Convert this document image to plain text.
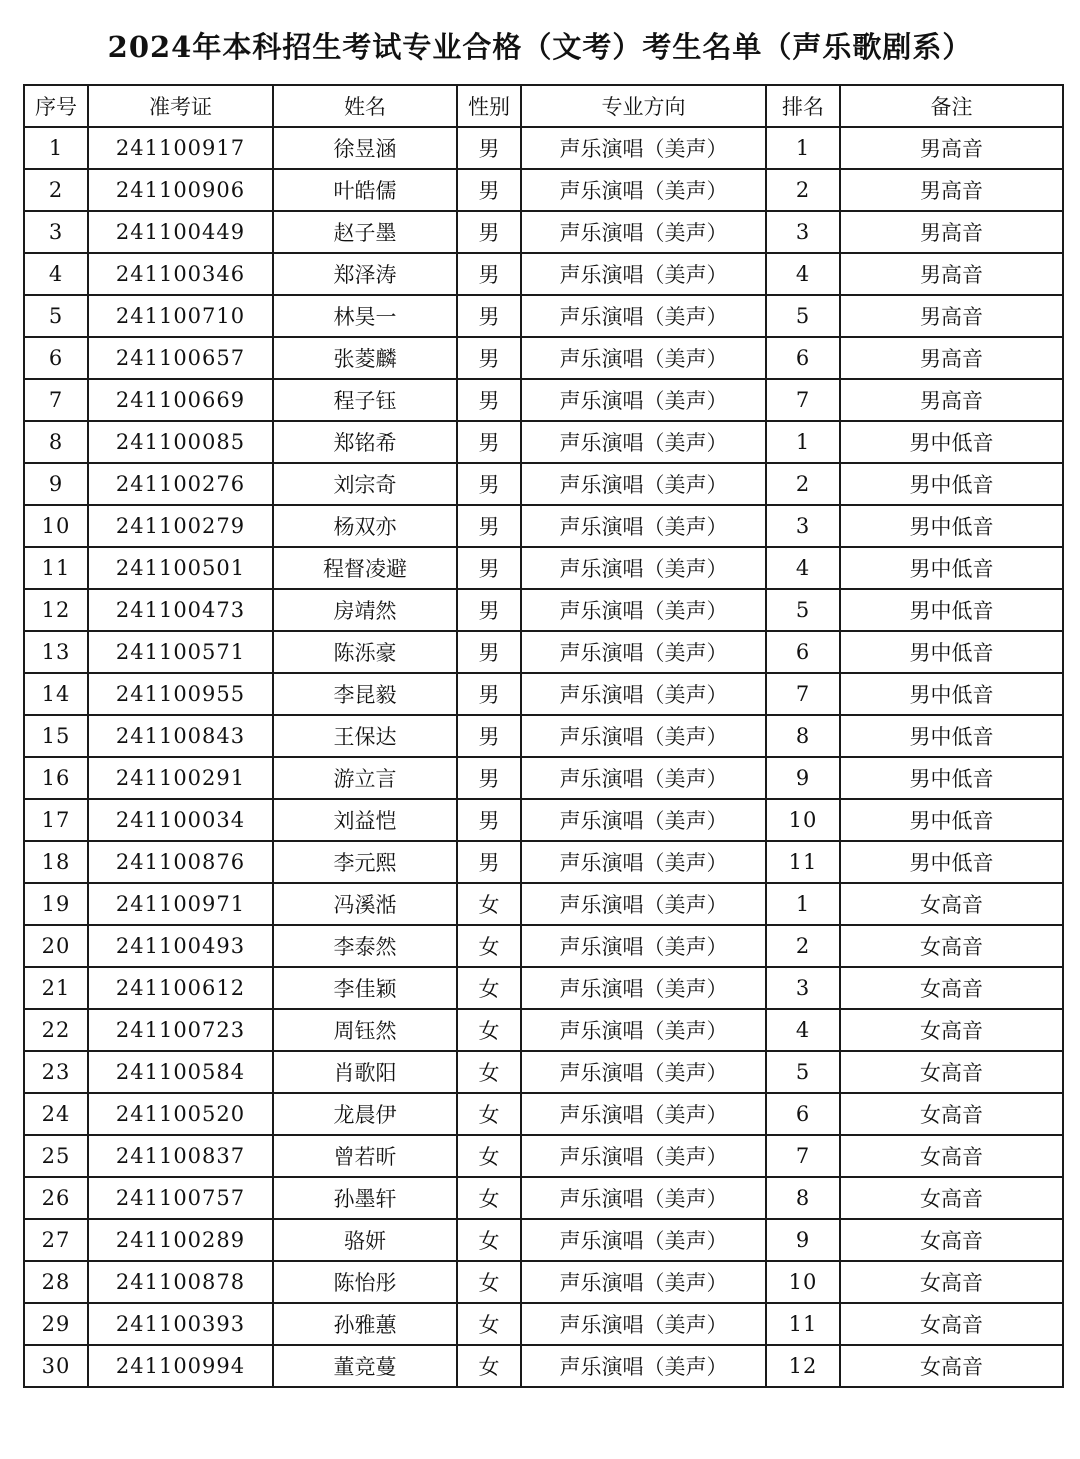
2024年本科招生考试专业合格（文考）考生名单（声乐歌剧系）
序号	准考证	姓名	性别	专业方向	排名	备注
1	241100917	徐昱涵	男	声乐演唱（美声）	1	男高音
2	241100906	叶皓儒	男	声乐演唱（美声）	2	男高音
3	241100449	赵子墨	男	声乐演唱（美声）	3	男高音
4	241100346	郑泽涛	男	声乐演唱（美声）	4	男高音
5	241100710	林昊一	男	声乐演唱（美声）	5	男高音
6	241100657	张菱麟	男	声乐演唱（美声）	6	男高音
7	241100669	程子钰	男	声乐演唱（美声）	7	男高音
8	241100085	郑铭希	男	声乐演唱（美声）	1	男中低音
9	241100276	刘宗奇	男	声乐演唱（美声）	2	男中低音
10	241100279	杨双亦	男	声乐演唱（美声）	3	男中低音
11	241100501	程督凌避	男	声乐演唱（美声）	4	男中低音
12	241100473	房靖然	男	声乐演唱（美声）	5	男中低音
13	241100571	陈泺豪	男	声乐演唱（美声）	6	男中低音
14	241100955	李昆毅	男	声乐演唱（美声）	7	男中低音
15	241100843	王保达	男	声乐演唱（美声）	8	男中低音
16	241100291	游立言	男	声乐演唱（美声）	9	男中低音
17	241100034	刘益恺	男	声乐演唱（美声）	10	男中低音
18	241100876	李元熙	男	声乐演唱（美声）	11	男中低音
19	241100971	冯溪湉	女	声乐演唱（美声）	1	女高音
20	241100493	李泰然	女	声乐演唱（美声）	2	女高音
21	241100612	李佳颖	女	声乐演唱（美声）	3	女高音
22	241100723	周钰然	女	声乐演唱（美声）	4	女高音
23	241100584	肖歌阳	女	声乐演唱（美声）	5	女高音
24	241100520	龙晨伊	女	声乐演唱（美声）	6	女高音
25	241100837	曾若昕	女	声乐演唱（美声）	7	女高音
26	241100757	孙墨轩	女	声乐演唱（美声）	8	女高音
27	241100289	骆妍	女	声乐演唱（美声）	9	女高音
28	241100878	陈怡彤	女	声乐演唱（美声）	10	女高音
29	241100393	孙雅蕙	女	声乐演唱（美声）	11	女高音
30	241100994	董竞蔓	女	声乐演唱（美声）	12	女高音
